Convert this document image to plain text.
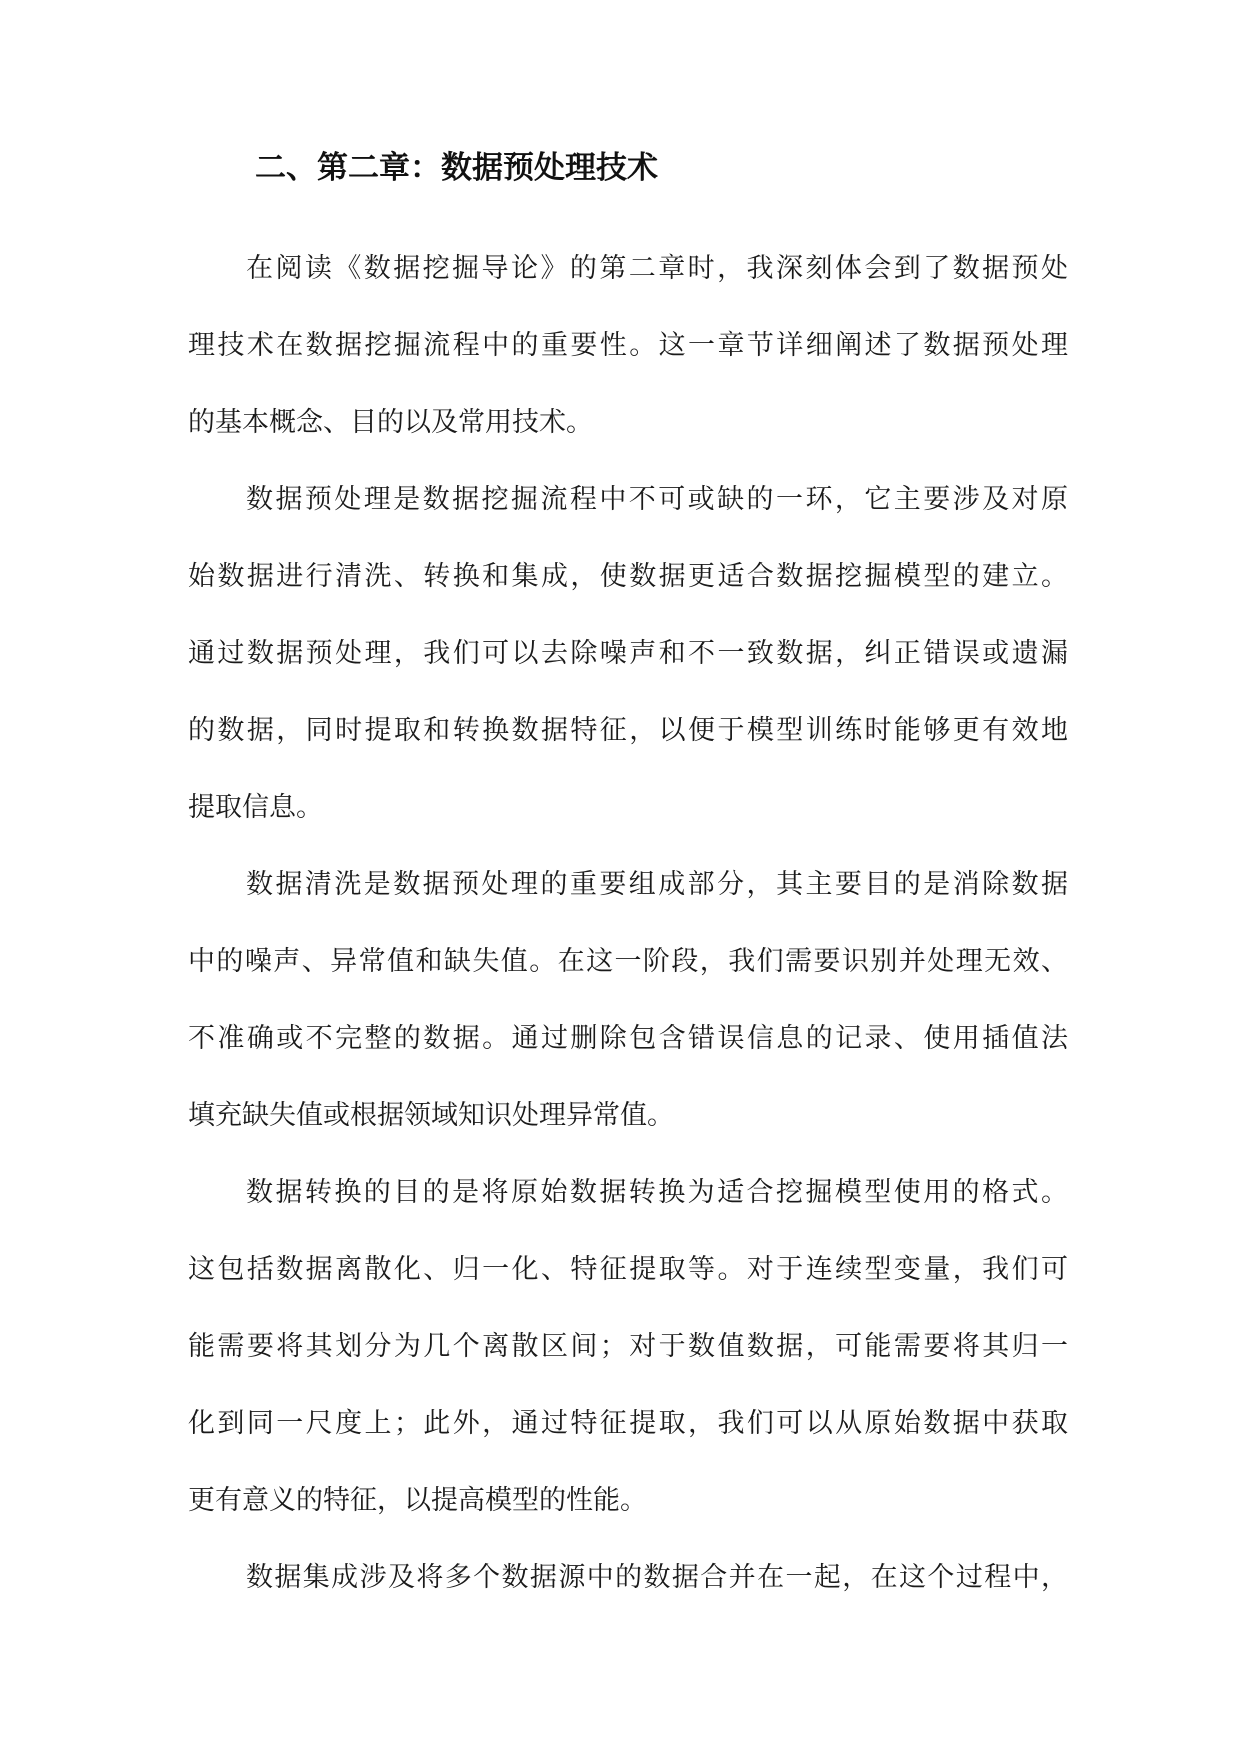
二、第二章：数据预处理技术
在阅读《数据挖掘导论》的第二章时，我深刻体会到了数据预处
理技术在数据挖掘流程中的重要性。这一章节详细阐述了数据预处理
的基本概念、目的以及常用技术。
数据预处理是数据挖掘流程中不可或缺的一环，它主要涉及对原
始数据进行清洗、转换和集成，使数据更适合数据挖掘模型的建立。
通过数据预处理，我们可以去除噪声和不一致数据，纠正错误或遗漏
的数据，同时提取和转换数据特征，以便于模型训练时能够更有效地
提取信息。
数据清洗是数据预处理的重要组成部分，其主要目的是消除数据
中的噪声、异常值和缺失值。在这一阶段，我们需要识别并处理无效、
不准确或不完整的数据。通过删除包含错误信息的记录、使用插值法
填充缺失值或根据领域知识处理异常值。
数据转换的目的是将原始数据转换为适合挖掘模型使用的格式。
这包括数据离散化、归一化、特征提取等。对于连续型变量，我们可
能需要将其划分为几个离散区间；对于数值数据，可能需要将其归一
化到同一尺度上；此外，通过特征提取，我们可以从原始数据中获取
更有意义的特征，以提高模型的性能。
数据集成涉及将多个数据源中的数据合并在一起，在这个过程中，
